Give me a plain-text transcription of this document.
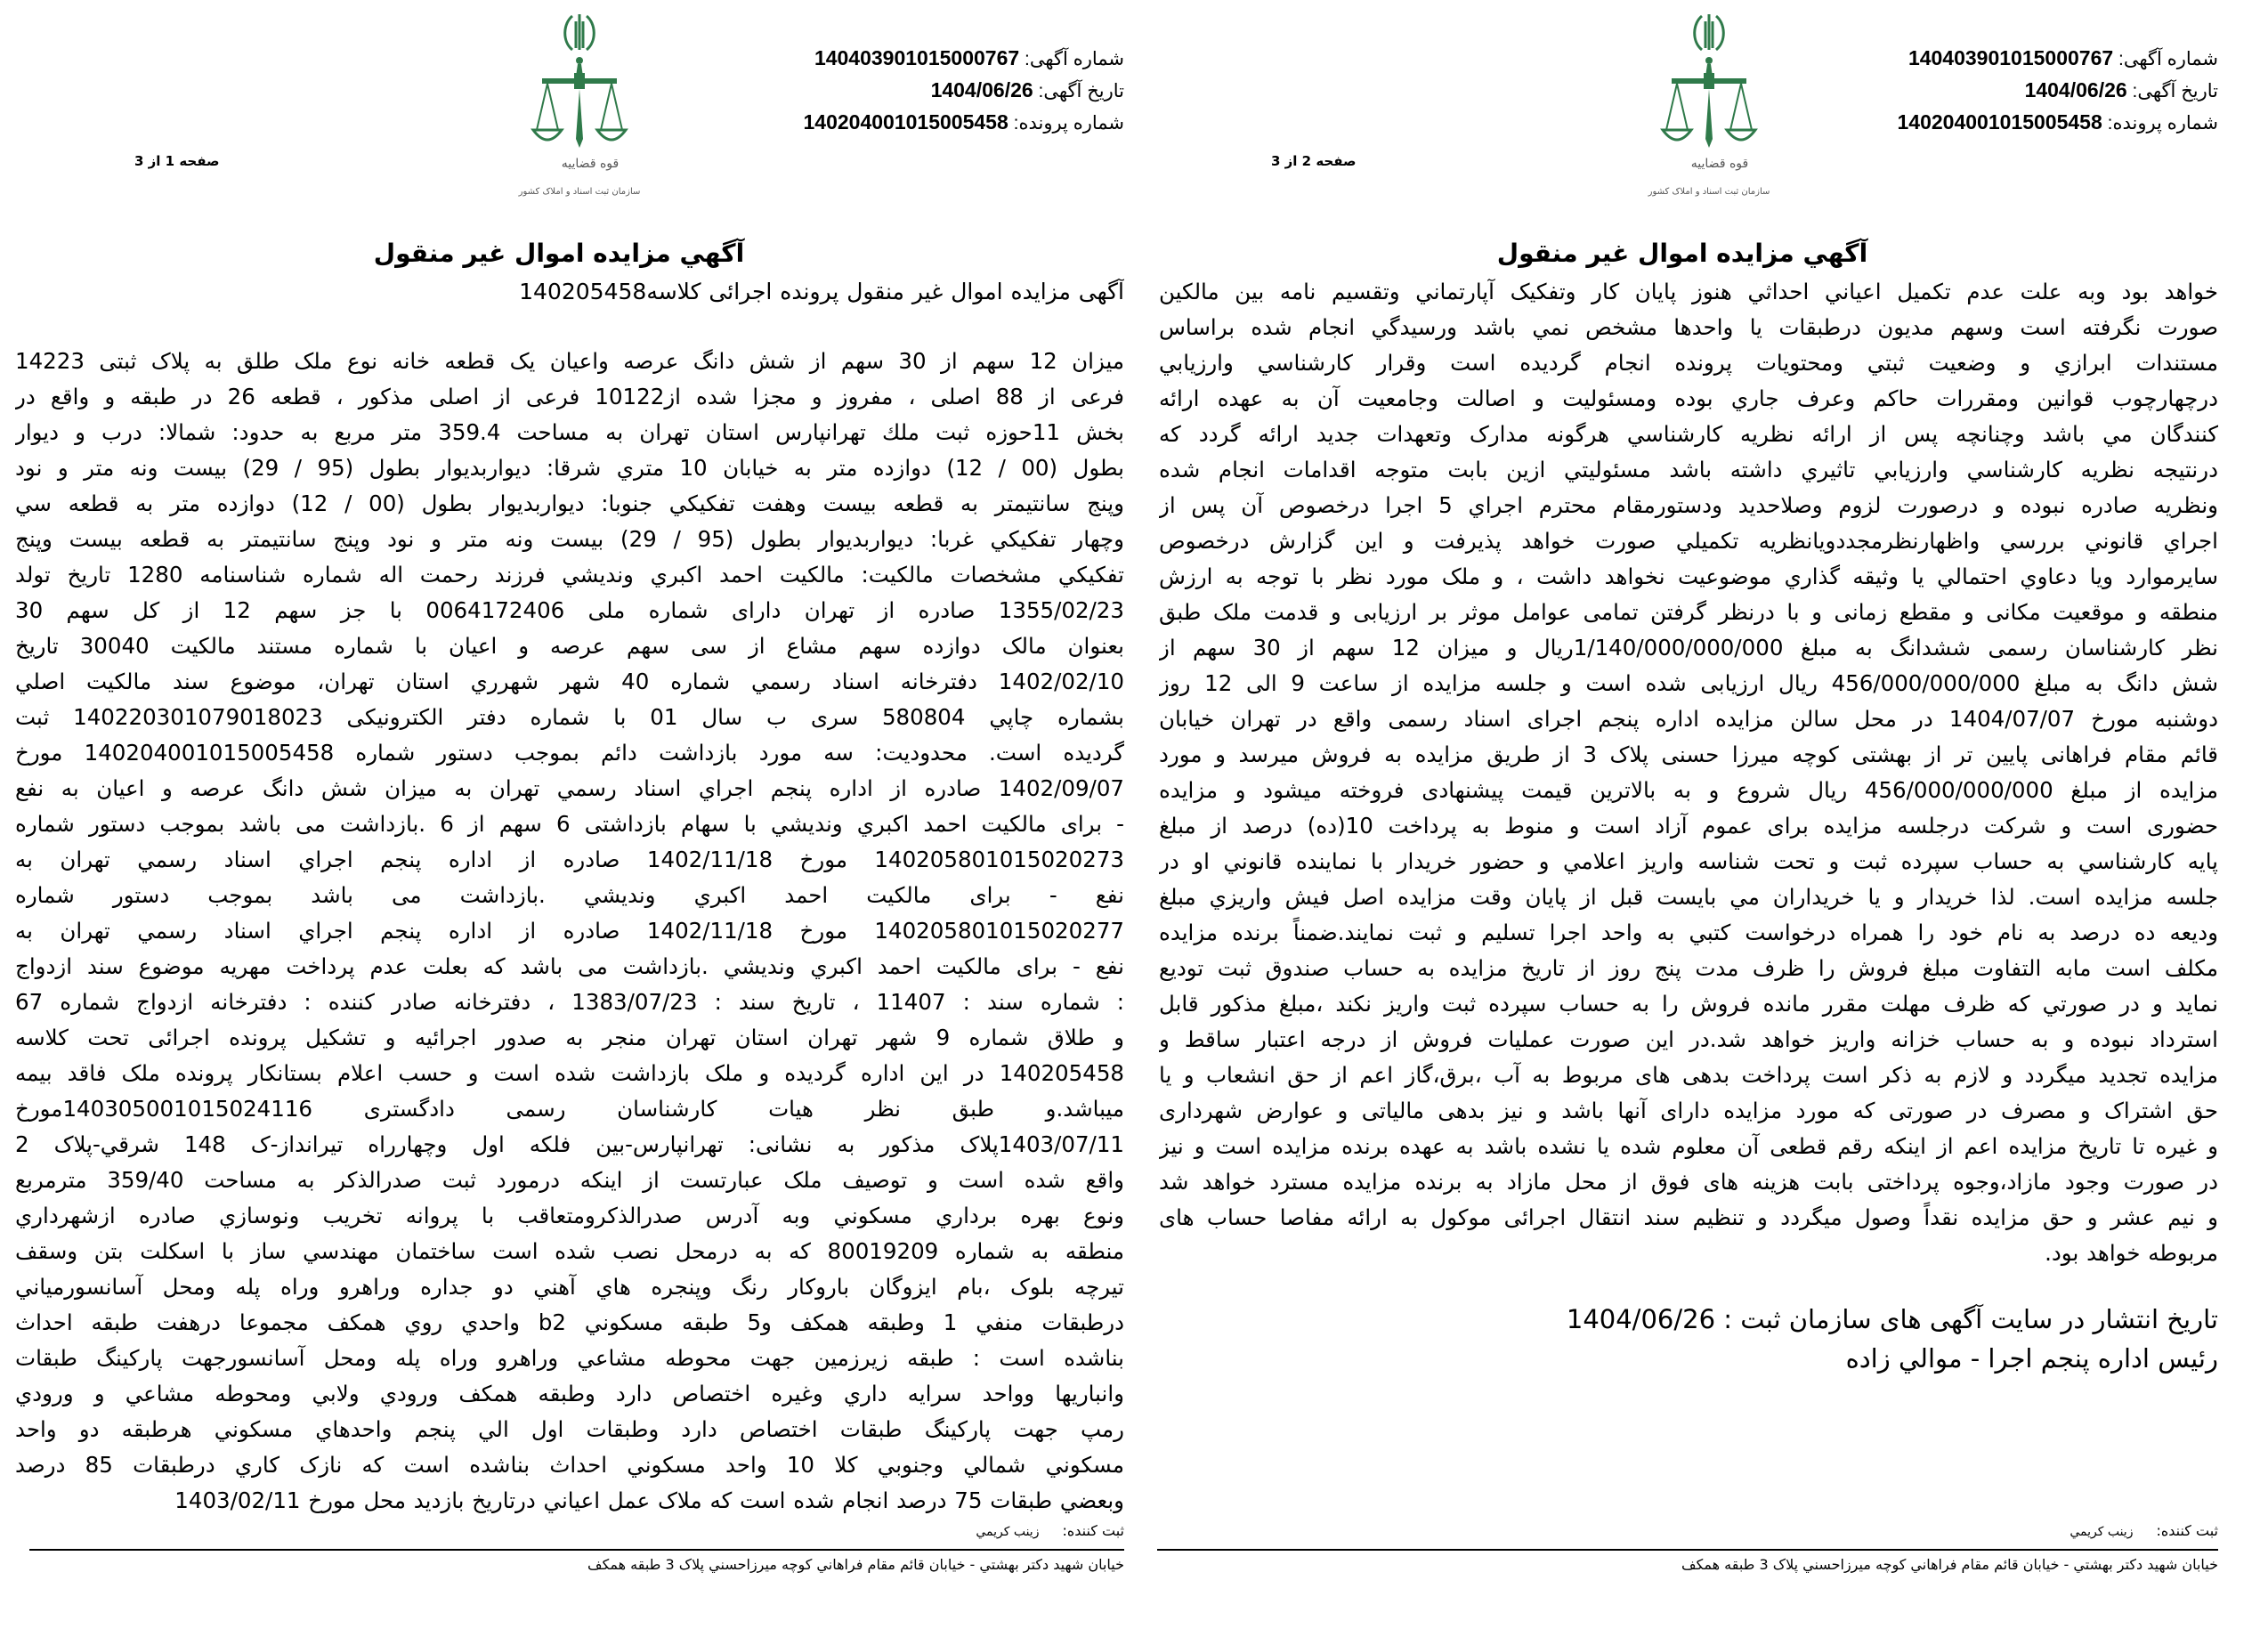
شماره آگهی: 140403901015000767
تاریخ آگهی: 1404/06/26
شماره پرونده: 140204001015005458
قوه قضاییه
سازمان ثبت اسناد و املاک کشور
صفحه 1 از 3
آگهي مزايده اموال غير منقول
آگهی مزایده اموال غیر منقول پرونده اجرائی کلاسه140205458
میزان 12 سهم از 30 سهم از شش دانگ عرصه واعیان یک قطعه خانه نوع ملک طلق به پلاک ثبتی 14223
فرعی از 88 اصلی ، مفروز و مجزا شده از10122 فرعی از اصلی مذکور ، قطعه 26 در طبقه و واقع در
بخش 11حوزه ثبت ملك تهرانپارس استان تهران به مساحت 359.4 متر مربع به حدود: شمالا: درب و دیوار
بطول (00 / 12) دوازده متر به خیابان 10 متري شرقا: دیواربدیوار بطول (95 / 29) بیست ونه متر و نود
وپنج سانتیمتر به قطعه بیست وهفت تفکیکي جنوبا: دیواربدیوار بطول (00 / 12) دوازده متر به قطعه سي
وچهار تفکیکي غربا: دیواربدیوار بطول (95 / 29) بیست ونه متر و نود وپنج سانتیمتر به قطعه بیست وپنج
تفکیکي مشخصات مالکیت: مالکیت احمد اکبري وندیشي فرزند رحمت اله شماره شناسنامه 1280 تاریخ تولد
1355/02/23 صادره از تهران دارای شماره ملی 0064172406 با جز سهم 12 از کل سهم 30
بعنوان مالک دوازده سهم مشاع از سی سهم عرصه و اعیان با شماره مستند مالکیت 30040 تاریخ
1402/02/10 دفترخانه اسناد رسمي شماره 40 شهر شهرري استان تهران، موضوع سند مالکیت اصلي
بشماره چاپي 580804 سری ب سال 01 با شماره دفتر الکترونیکی 140220301079018023 ثبت
گردیده است. محدودیت: سه مورد بازداشت دائم بموجب دستور شماره 140204001015005458 مورخ
1402/09/07 صادره از اداره پنجم اجراي اسناد رسمي تهران به میزان شش دانگ عرصه و اعیان به نفع
- برای مالکیت احمد اکبري وندیشي با سهام بازداشتی 6 سهم از 6 .بازداشت می باشد بموجب دستور شماره
140205801015020273 مورخ 1402/11/18 صادره از اداره پنجم اجراي اسناد رسمي تهران به
نفع - برای مالکیت احمد اکبري وندیشي .بازداشت می باشد بموجب دستور شماره
140205801015020277 مورخ 1402/11/18 صادره از اداره پنجم اجراي اسناد رسمي تهران به
نفع - برای مالکیت احمد اکبري وندیشي .بازداشت می باشد که بعلت عدم پرداخت مهریه موضوع سند ازدواج
: شماره سند : 11407 ، تاریخ سند : 1383/07/23 ، دفترخانه صادر کننده : دفترخانه ازدواج شماره 67
و طلاق شماره 9 شهر تهران استان تهران منجر به صدور اجرائیه و تشکیل پرونده اجرائی تحت کلاسه
140205458 در این اداره گردیده و ملک بازداشت شده است و حسب اعلام بستانکار پرونده ملک فاقد بیمه
میباشد.و طبق نظر هیات کارشناسان رسمی دادگستری 140305001015024116مورخ
1403/07/11پلاک مذکور به نشانی: تهرانپارس-بین فلکه اول وچهارراه تیرانداز-ک 148 شرقي-پلاک 2
واقع شده است و توصیف ملک عبارتست از اینکه درمورد ثبت صدرالذکر به مساحت 359/40 مترمربع
ونوع بهره برداري مسکوني وبه آدرس صدرالذکرومتعاقب با پروانه تخریب ونوسازي صادره ازشهرداري
منطقه به شماره 80019209 که به درمحل نصب شده است ساختمان مهندسي ساز با اسکلت بتن وسقف
تیرچه بلوک ،بام ایزوگان باروکار رنگ وپنجره هاي آهني دو جداره وراهرو وراه پله ومحل آسانسورمیاني
درطبقات منفي 1 وطبقه همکف و5 طبقه مسکوني b2 واحدي روي همکف مجموعا درهفت طبقه احداث
بناشده است : طبقه زیرزمین جهت محوطه مشاعي وراهرو وراه پله ومحل آسانسورجهت پارکینگ طبقات
وانباریها وواحد سرایه داري وغیره اختصاص دارد وطبقه همکف ورودي ولابي ومحوطه مشاعي و ورودي
رمپ جهت پارکینگ طبقات اختصاص دارد وطبقات اول الي پنجم واحدهاي مسکوني هرطبقه دو واحد
مسکوني شمالي وجنوبي کلا 10 واحد مسکوني احداث بناشده است که نازک کاري درطبقات 85 درصد
وبعضي طبقات 75 درصد انجام شده است که ملاک عمل اعیاني درتاریخ بازدید محل مورخ 1403/02/11
ثبت کننده:زینب کریمي
خیابان شهید دکتر بهشتي - خیابان قائم مقام فراهاني کوچه میرزاحسني پلاک 3 طبقه همکف
شماره آگهی: 140403901015000767
تاریخ آگهی: 1404/06/26
شماره پرونده: 140204001015005458
قوه قضاییه
سازمان ثبت اسناد و املاک کشور
صفحه 2 از 3
آگهي مزايده اموال غير منقول
خواهد بود وبه علت عدم تکمیل اعیاني احداثي هنوز پایان کار وتفکیک آپارتماني وتقسیم نامه بین مالکین
صورت نگرفته است وسهم مدیون درطبقات یا واحدها مشخص نمي باشد ورسیدگي انجام شده براساس
مستندات ابرازي و وضعیت ثبتي ومحتویات پرونده انجام گردیده است وقرار کارشناسي وارزیابي
درچهارچوب قوانین ومقررات حاکم وعرف جاري بوده ومسئولیت و اصالت وجامعیت آن به عهده ارائه
کنندگان مي باشد وچنانچه پس از ارائه نظریه کارشناسي هرگونه مدارک وتعهدات جدید ارائه گردد که
درنتیجه نظریه کارشناسي وارزیابي تاثیري داشته باشد مسئولیتي ازین بابت متوجه اقدامات انجام شده
ونظریه صادره نبوده و درصورت لزوم وصلاحدید ودستورمقام محترم اجراي 5 اجرا درخصوص آن پس از
اجراي قانوني بررسي واظهارنظرمجددویانظریه تکمیلي صورت خواهد پذیرفت و این گزارش درخصوص
سایرموارد ویا دعاوي احتمالي یا وثیقه گذاري موضوعیت نخواهد داشت ، و ملک مورد نظر با توجه به ارزش
منطقه و موقعیت مکانی و مقطع زمانی و با درنظر گرفتن تمامی عوامل موثر بر ارزیابی و قدمت ملک طبق
نظر کارشناسان رسمی ششدانگ به مبلغ 1/140/000/000/000ریال و میزان 12 سهم از 30 سهم از
شش دانگ به مبلغ 456/000/000/000 ریال ارزیابی شده است و جلسه مزایده از ساعت 9 الی 12 روز
دوشنبه مورخ 1404/07/07 در محل سالن مزایده اداره پنجم اجرای اسناد رسمی واقع در تهران خیابان
قائم مقام فراهانی پایین تر از بهشتی کوچه میرزا حسنی پلاک 3 از طریق مزایده به فروش میرسد و مورد
مزایده از مبلغ 456/000/000/000 ریال شروع و به بالاترین قیمت پیشنهادی فروخته میشود و مزایده
حضوری است و شرکت درجلسه مزایده برای عموم آزاد است و منوط به پرداخت 10(ده) درصد از مبلغ
پایه کارشناسي به حساب سپرده ثبت و تحت شناسه واریز اعلامي و حضور خریدار با نماینده قانوني او در
جلسه مزایده است. لذا خریدار و یا خریداران مي بایست قبل از پایان وقت مزایده اصل فیش واریزي مبلغ
ودیعه ده درصد به نام خود را همراه درخواست کتبي به واحد اجرا تسلیم و ثبت نمایند.ضمناً برنده مزایده
مکلف است مابه التفاوت مبلغ فروش را ظرف مدت پنج روز از تاریخ مزایده به حساب صندوق ثبت تودیع
نماید و در صورتي که ظرف مهلت مقرر مانده فروش را به حساب سپرده ثبت واریز نکند ،مبلغ مذکور قابل
استرداد نبوده و به حساب خزانه واریز خواهد شد.در این صورت عملیات فروش از درجه اعتبار ساقط و
مزایده تجدید میگردد و لازم به ذکر است پرداخت بدهی های مربوط به آب ،برق،گاز اعم از حق انشعاب و یا
حق اشتراک و مصرف در صورتی که مورد مزایده دارای آنها باشد و نیز بدهی مالیاتی و عوارض شهرداری
و غیره تا تاریخ مزایده اعم از اینکه رقم قطعی آن معلوم شده یا نشده باشد به عهده برنده مزایده است و نیز
در صورت وجود مازاد،وجوه پرداختی بابت هزینه های فوق از محل مازاد به برنده مزایده مسترد خواهد شد
و نیم عشر و حق مزایده نقداً وصول میگردد و تنظیم سند انتقال اجرائی موکول به ارائه مفاصا حساب های
مربوطه خواهد بود.
تاریخ انتشار در سایت آگهی های سازمان ثبت : 1404/06/26
رئیس اداره پنجم اجرا - موالي زاده
ثبت کننده:زینب کریمي
خیابان شهید دکتر بهشتي - خیابان قائم مقام فراهاني کوچه میرزاحسني پلاک 3 طبقه همکف
